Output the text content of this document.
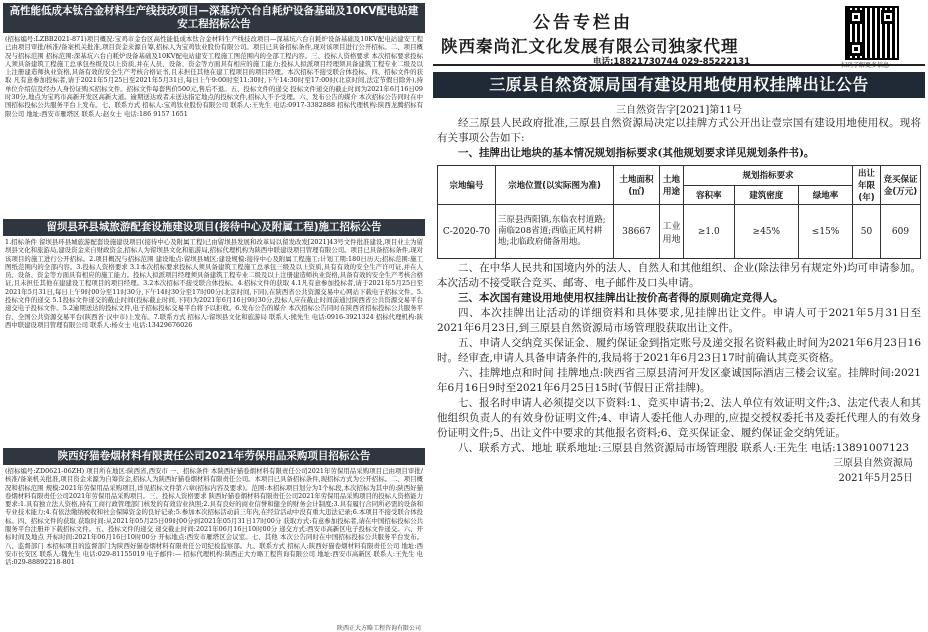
高性能低成本钛合金材料生产线技改项目—深基坑六台自耗炉设备基础及10KV配电站建安工程招标公告
(招标编号:LZBB2021-871)项目概况:宝鸡市金台区高性能低成本钛合金材料生产线技改项目—深基坑六台自耗炉设备基础及10KV配电站建安工程已由项目审批/核准/备案机关批准,项目资金来源自筹,招标人为宝鸡钛业股份有限公司。项目已具备招标条件,现对该项目进行公开招标。二、项目概况与招标范围 招标范围:深基坑六台自耗炉设备基础及10KV配电站建安工程施工图范围内的全部工程内容。三、投标人资格要求 本次招标要求投标人须具备建筑工程施工总承包叁级及以上资质,并在人员、设备、资金等方面具有相应的施工能力;投标人拟派项目经理须具备建筑工程专业二级及以上注册建造师执业资格,具备有效的安全生产考核合格证书,且未担任其他在建工程项目的项目经理。本次招标不接受联合体投标。四、招标文件的获取 凡有意参加投标者,请于2021年5月25日至2021年5月31日,每日上午9:00时至11:30时,下午14:30时至17:00时(北京时间,法定节假日除外),持单位介绍信及经办人身份证购买招标文件。招标文件每套售价500元,售后不退。五、投标文件的递交 投标文件递交的截止时间为2021年6月16日09时30分,地点为宝鸡市高新开发区高新大道。逾期送达或者未送达指定地点的投标文件,招标人不予受理。六、发布公告的媒介 本次招标公告同时在中国招标投标公共服务平台上发布。七、联系方式 招标人:宝鸡钛业股份有限公司 联系人:王先生 电话:0917-3382888 招标代理机构:陕西龙腾招标有限公司 地址:西安市雁塔区 联系人:赵女士 电话:186 9157 1651
留坝县环县城旅游配套设施建设项目(接待中心及附属工程)施工招标公告
1.招标条件 留坝县环县城旅游配套设施建设项目(接待中心及附属工程)已由留坝县发展和改革局以留发改发[2021]43号文件批准建设,项目业主为留坝县文化和旅游局,建设资金来自财政资金,招标人为留坝县文化和旅游局,招标代理机构为陕西中联建设项目管理有限公司。项目已具备招标条件,现对该项目的施工进行公开招标。2.项目概况与招标范围 建设地点:留坝县城区;建设规模:接待中心及附属工程施工;计划工期:180日历天;招标范围:施工图纸范围内的全部内容。3.投标人资格要求 3.1本次招标要求投标人须具备建筑工程施工总承包三级及以上资质,具有有效的安全生产许可证,并在人员、设备、资金等方面具有相应的施工能力。投标人拟派项目经理须具备建筑工程专业二级及以上注册建造师执业资格,具备有效的安全生产考核合格证,且未担任其他在建建设工程项目的项目经理。3.2本次招标不接受联合体投标。4.招标文件的获取 4.1凡有意参加投标者,请于2021年5月25日至2021年5月31日,每日上午9时00分至11时30分,下午14时30分至17时00分(北京时间,下同),在陕西省公共资源交易中心网站下载电子招标文件。5.投标文件的递交 5.1投标文件递交的截止时间(投标截止时间,下同)为2021年6月16日9时30分,投标人应在截止时间前通过陕西省公共资源交易平台递交电子投标文件。5.2逾期送达的投标文件,电子招标投标交易平台将予以拒收。6.发布公告的媒介 本次招标公告同时在陕西省招标投标公共服务平台、全国公共资源交易平台(陕西省·汉中市)上发布。7.联系方式 招标人:留坝县文化和旅游局 联系人:熊先生 电话:0916-3921324 招标代理机构:陕西中联建设项目管理有限公司 联系人:杨女士 电话:13429676026
陕西好猫卷烟材料有限责任公司2021年劳保用品采购项目招标公告
(招标编号:ZD0621-06ZH) 项目所在地区:陕西省,西安市 一、招标条件 本陕西好猫卷烟材料有限责任公司2021年劳保用品采购项目已由项目审批/核准/备案机关批准,项目资金来源为自筹资金,招标人为陕西好猫卷烟材料有限责任公司。本项目已具备招标条件,现招标方式为公开招标。二、项目概况和招标范围 规模:2021年劳保用品采购项目,详见招标文件第六章(招标内容及要求)。范围:本招标项目划分为1个标段,本次招标为其中的:陕西好猫卷烟材料有限责任公司2021年劳保用品采购项目。三、投标人资格要求 陕西好猫卷烟材料有限责任公司2021年劳保用品采购项目的投标人资格能力要求:1.具有独立法人资格,持有工商行政管理部门核发的有效营业执照;2.具有良好的商业信誉和健全的财务会计制度;3.具有履行合同所必需的设备和专业技术能力;4.有依法缴纳税收和社会保障资金的良好记录;5.参加本次招标活动前三年内,在经营活动中没有重大违法记录;6.本项目不接受联合体投标。四、招标文件的获取 获取时间:从2021年05月25日09时00分到2021年05月31日17时00分 获取方式:有意参加投标者,请在中国招标投标公共服务平台注册并下载招标文件。五、投标文件的递交 递交截止时间:2021年06月16日10时00分 递交方式:西安市高新区电子投标文件递交。六、开标时间及地点 开标时间:2021年06月16日10时00分 开标地点:西安市雁塔区会议室。七、其他 本次公告同时在中国招标投标公共服务平台发布。八、监督部门 本招标项目的监督部门为陕西好猫卷烟材料有限责任公司纪检监察部。九、联系方式 招标人:陕西好猫卷烟材料有限责任公司 地址:西安市长安区 联系人:魏先生 电话:029-81155019 电子邮件:— 招标代理机构:陕西正大方略工程咨询有限公司 地址:西安市高新区 联系人:王先生 电话:029-88892218-801
陕西正大方略工程咨询有限公司
公告专栏由
陕西秦尚汇文化发展有限公司独家代理
电话:18821730744 029-85222131	扫码了解更多信息
三原县自然资源局国有建设用地使用权挂牌出让公告
三自然资告字[2021]第11号

经三原县人民政府批准,三原县自然资源局决定以挂牌方式公开出让壹宗国有建设用地使用权。现将有关事项公告如下:

一、挂牌出让地块的基本情况规划指标要求(其他规划要求详见规划条件书)。

宗地编号	宗地位置(以实际图为准)	土地面积(㎡)	土地用途	规划指标要求			出让年限(年)	竞买保证金(万元)
				容积率	建筑密度	绿地率		
C-2020-70	三原县西阳镇,东临农村道路;南临208省道;西临正风村耕地;北临政府储备用地。	38667	工业用地	≥1.0	≥45%	≤15%	50	609

二、在中华人民共和国境内外的法人、自然人和其他组织、企业(除法律另有规定外)均可申请参加。本次活动不接受联合竞买、邮寄、电子邮件及口头申请。

三、本次国有建设用地使用权挂牌出让按价高者得的原则确定竞得人。

四、本次挂牌出让活动的详细资料和具体要求,见挂牌出让文件。申请人可于2021年5月31日至2021年6月23日,到三原县自然资源局市场管理股获取出让文件。

五、申请人交纳竞买保证金、履约保证金到指定账号及递交报名资料截止时间为2021年6月23日16时。经审查,申请人具备申请条件的,我局将于2021年6月23日17时前确认其竞买资格。

六、挂牌地点和时间 挂牌地点:陕西省三原县清河开发区豪诚国际酒店三楼会议室。挂牌时间:2021年6月16日9时至2021年6月25日15时(节假日正常挂牌)。

七、报名时申请人必须提交以下资料:1、竞买申请书;2、法人单位有效证明文件;3、法定代表人和其他组织负责人的有效身份证明文件;4、申请人委托他人办理的,应提交授权委托书及委托代理人的有效身份证明文件;5、出让文件中要求的其他报名资料;6、竞买保证金、履约保证金交纳凭证。

八、联系方式、地址 联系地址:三原县自然资源局市场管理股 联系人:王先生 电话:13891007123

三原县自然资源局
2021年5月25日
